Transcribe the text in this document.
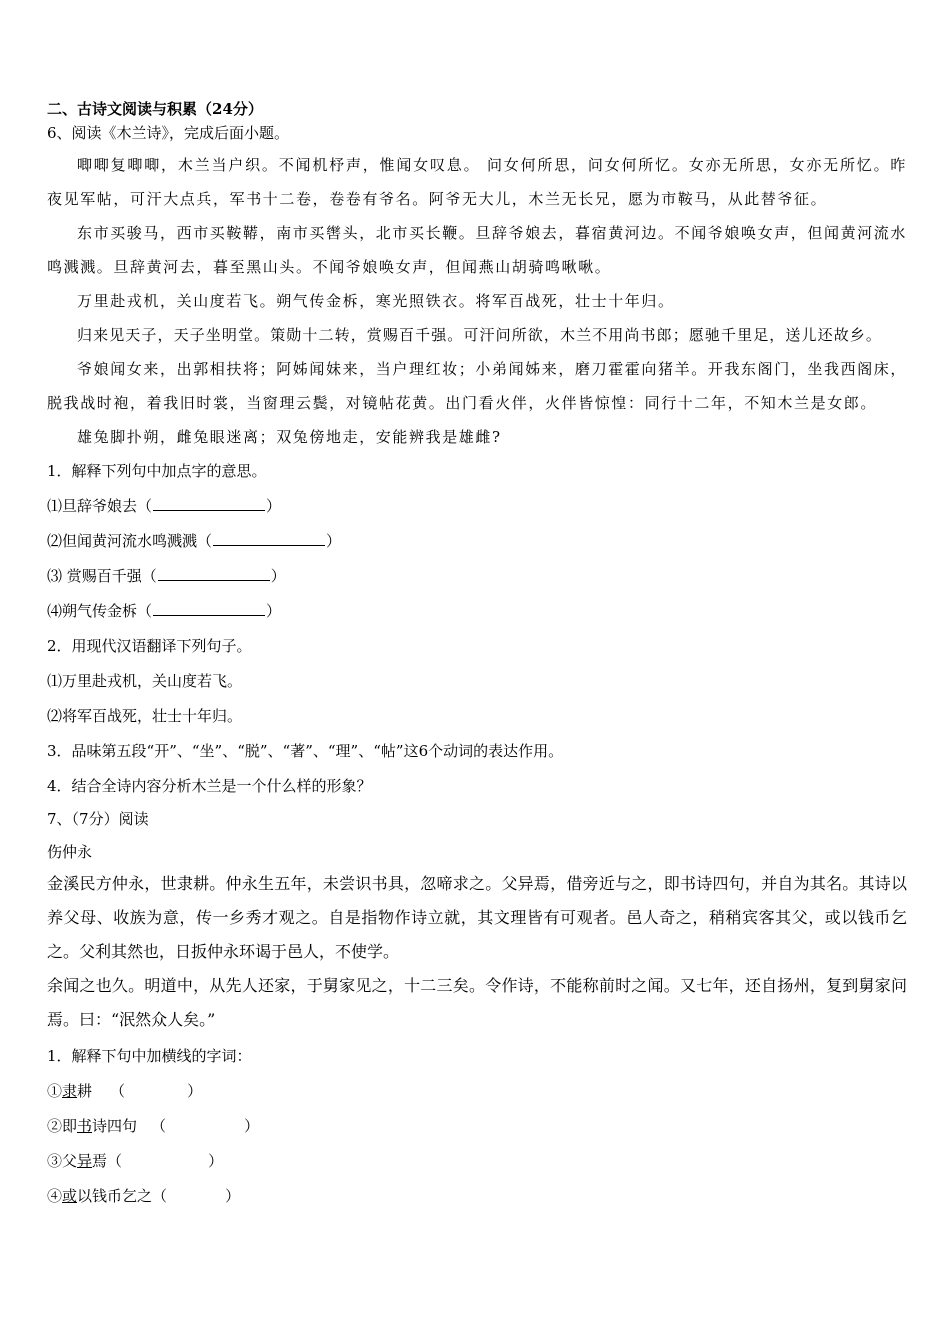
二、古诗文阅读与积累（24分）
6、阅读《木兰诗》，完成后面小题。

唧唧复唧唧，木兰当户织。不闻机杼声，惟闻女叹息。 问女何所思，问女何所忆。女亦无所思，女亦无所忆。昨夜见军帖，可汗大点兵，军书十二卷，卷卷有爷名。阿爷无大儿，木兰无长兄，愿为市鞍马，从此替爷征。

东市买骏马，西市买鞍鞯，南市买辔头，北市买长鞭。旦辞爷娘去，暮宿黄河边。不闻爷娘唤女声，但闻黄河流水鸣溅溅。旦辞黄河去，暮至黑山头。不闻爷娘唤女声，但闻燕山胡骑鸣啾啾。

万里赴戎机，关山度若飞。朔气传金柝，寒光照铁衣。将军百战死，壮士十年归。

归来见天子，天子坐明堂。策勋十二转，赏赐百千强。可汗问所欲，木兰不用尚书郎；愿驰千里足，送儿还故乡。

爷娘闻女来，出郭相扶将；阿姊闻妹来，当户理红妆；小弟闻姊来，磨刀霍霍向猪羊。开我东阁门，坐我西阁床，脱我战时袍，着我旧时裳，当窗理云鬓，对镜帖花黄。出门看火伴，火伴皆惊惶：同行十二年，不知木兰是女郎。

雄兔脚扑朔，雌兔眼迷离；双兔傍地走，安能辨我是雄雌?

1．解释下列句中加点字的意思。
⑴旦辞爷娘去（	）
⑵但闻黄河流水鸣溅溅（	）
⑶ 赏赐百千强（	）
⑷朔气传金柝（	）
2．用现代汉语翻译下列句子。
⑴万里赴戎机，关山度若飞。
⑵将军百战死，壮士十年归。
3．品味第五段“开”、“坐”、“脱”、“著”、“理”、“帖”这6个动词的表达作用。
4．结合全诗内容分析木兰是一个什么样的形象？
7、（7分）阅读
伤仲永

金溪民方仲永，世隶耕。仲永生五年，未尝识书具，忽啼求之。父异焉，借旁近与之，即书诗四句，并自为其名。其诗以养父母、收族为意，传一乡秀才观之。自是指物作诗立就，其文理皆有可观者。邑人奇之，稍稍宾客其父，或以钱币乞之。父利其然也，日扳仲永环谒于邑人，不使学。

余闻之也久。明道中，从先人还家，于舅家见之，十二三矣。令作诗，不能称前时之闻。又七年，还自扬州，复到舅家问焉。曰：“泯然众人矣。”

1．解释下句中加横线的字词：
①隶耕 （	）
②即书诗四句 （	）
③父异焉（	）
④或以钱币乞之（	）
